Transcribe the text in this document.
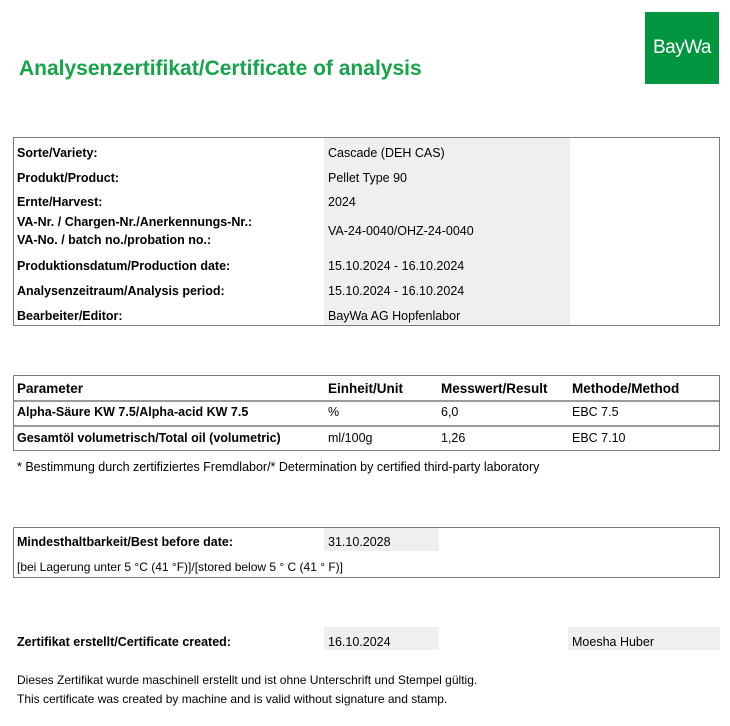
Analysenzertifikat/Certificate of analysis
BayWa
Sorte/Variety:	Cascade (DEH CAS)
Produkt/Product:	Pellet Type 90
Ernte/Harvest:	2024
VA-Nr. / Chargen-Nr./Anerkennungs-Nr.:
VA-No. / batch no./probation no.:
VA-24-0040/OHZ-24-0040
Produktionsdatum/Production date:	15.10.2024 - 16.10.2024
Analysenzeitraum/Analysis period:	15.10.2024 - 16.10.2024
Bearbeiter/Editor:	BayWa AG Hopfenlabor
Parameter	Einheit/Unit	Messwert/Result Methode/Method
Alpha-Säure KW 7.5/Alpha-acid KW 7.5	%	6,0	EBC 7.5
Gesamtöl volumetrisch/Total oil (volumetric)	ml/100g	1,26	EBC 7.10
* Bestimmung durch zertifiziertes Fremdlabor/* Determination by certified third-party laboratory
Mindesthaltbarkeit/Best before date:	31.10.2028
[bei Lagerung unter 5 °C (41 °F)]/[stored below 5 ° C (41 ° F)]
Zertifikat erstellt/Certificate created:	16.10.2024	Moesha Huber
Dieses Zertifikat wurde maschinell erstellt und ist ohne Unterschrift und Stempel gültig.
This certificate was created by machine and is valid without signature and stamp.
